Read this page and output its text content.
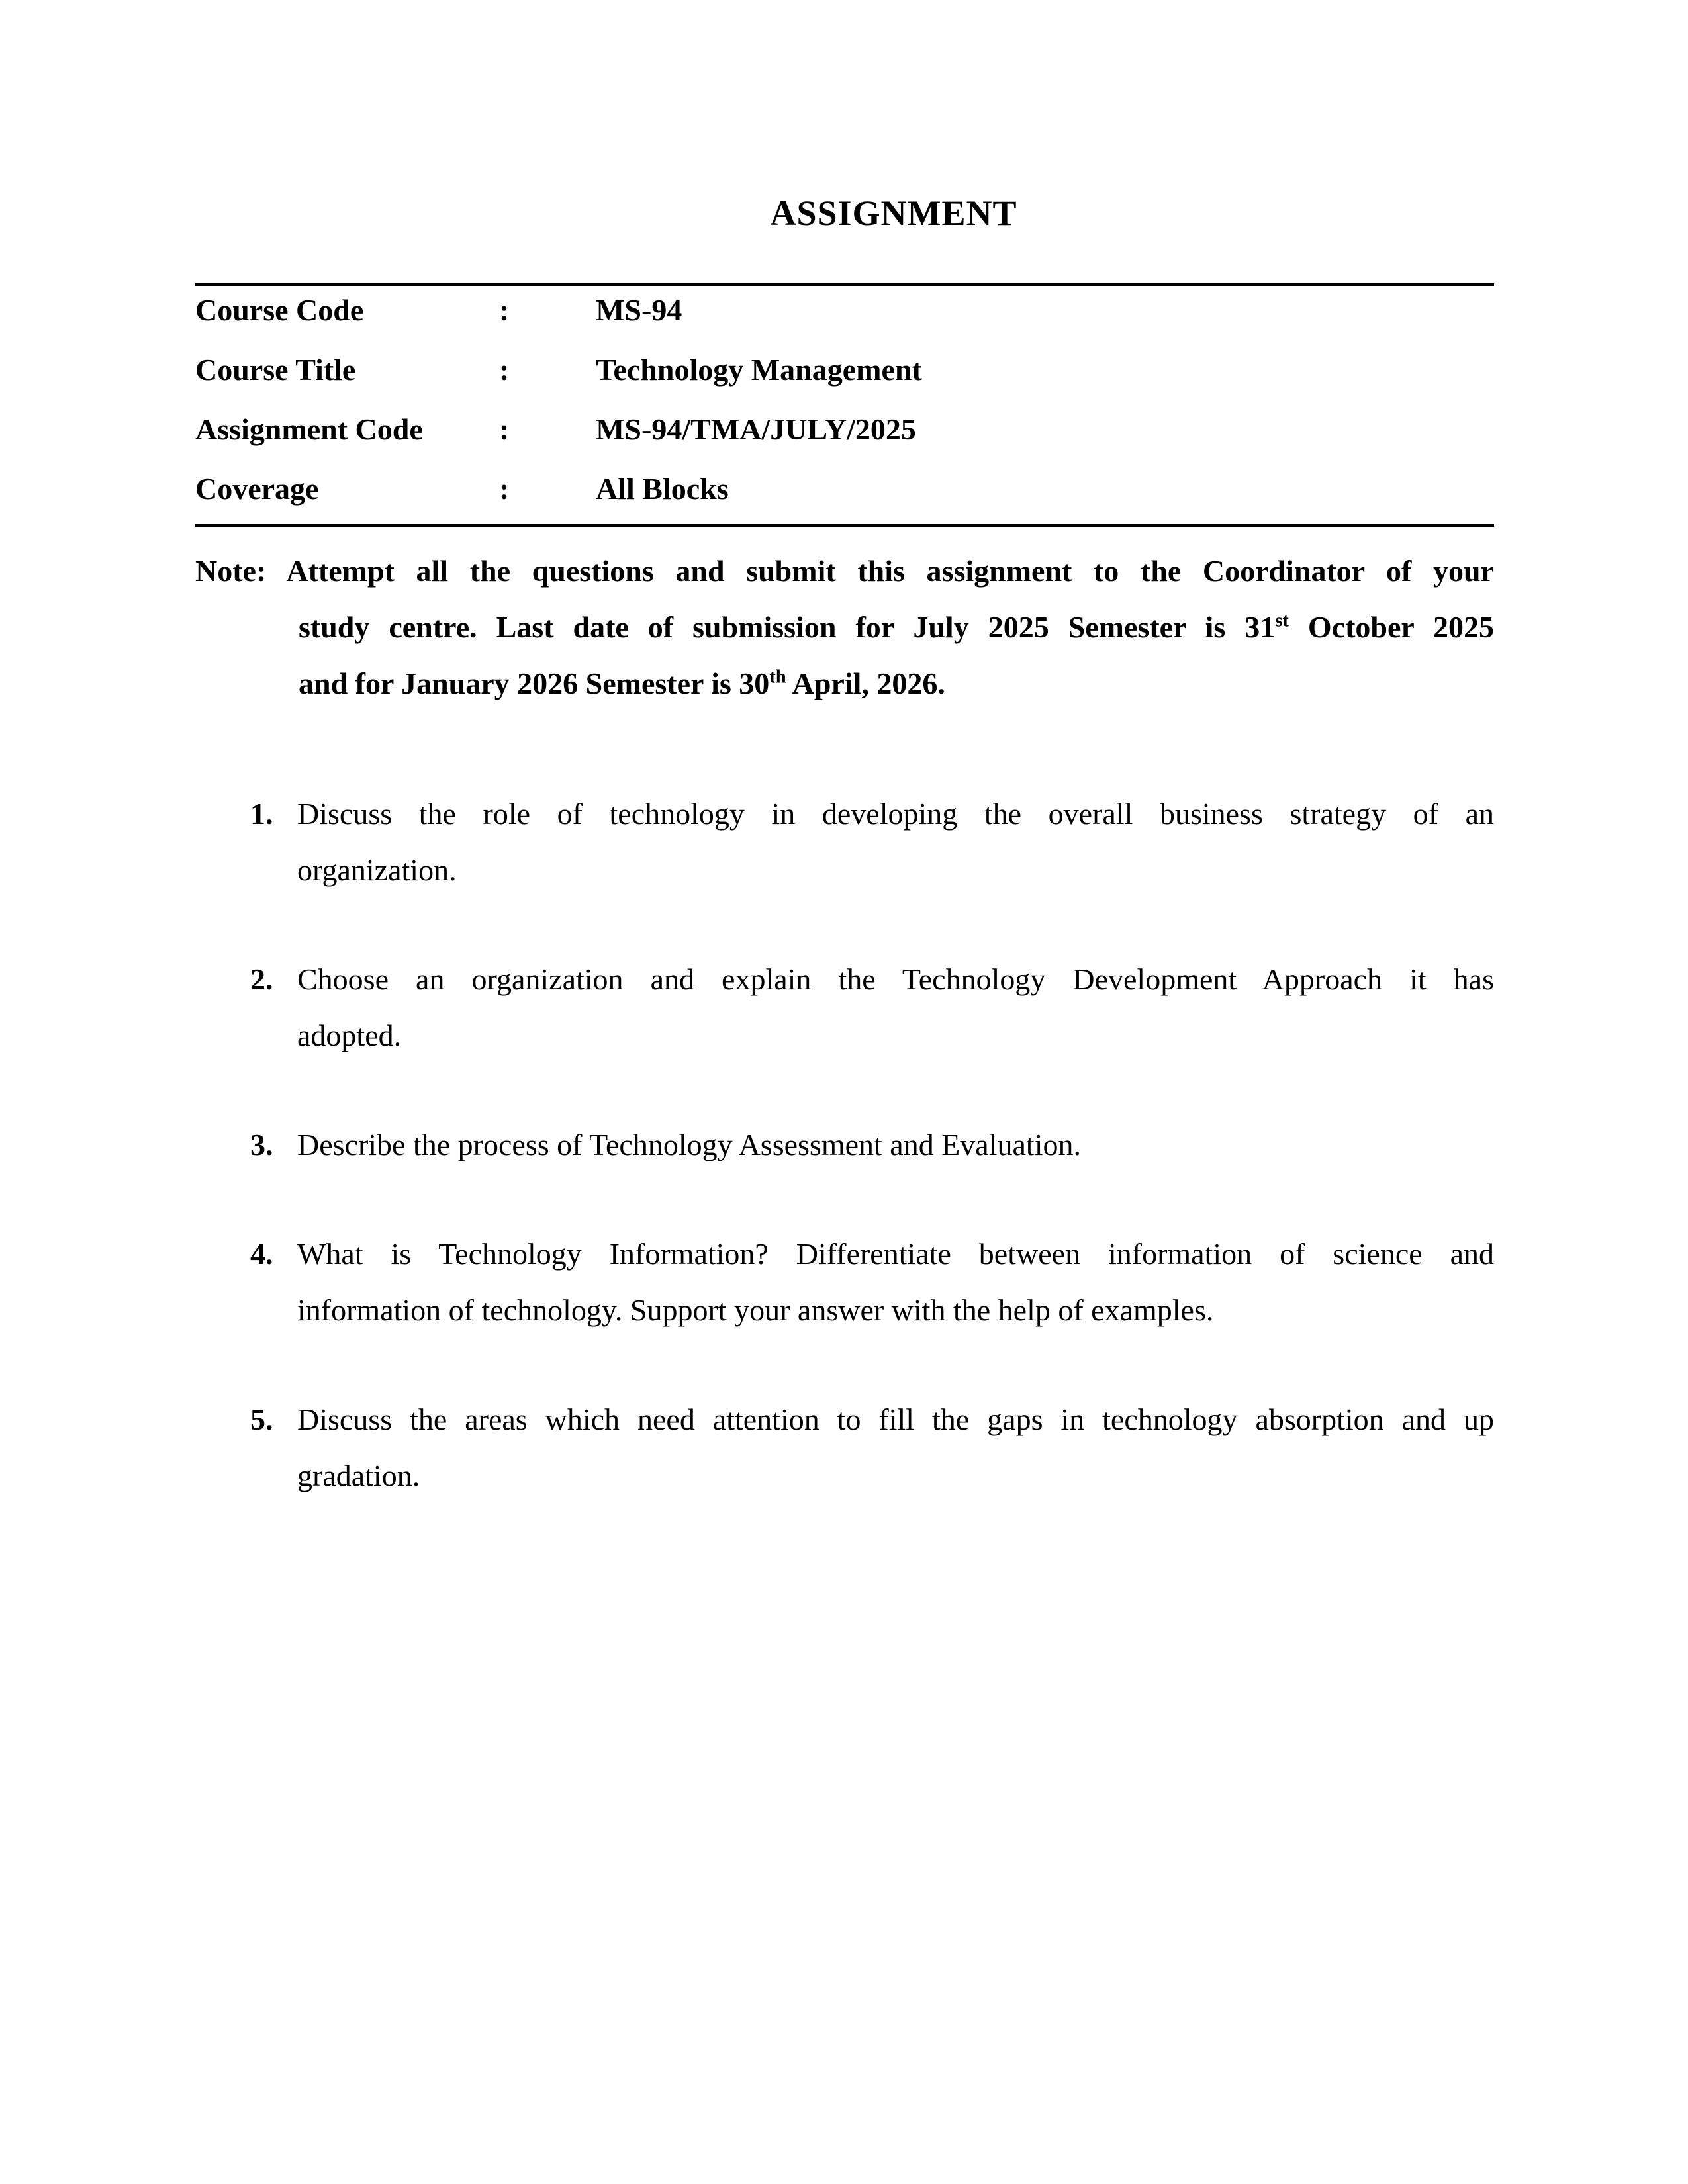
ASSIGNMENT
Course Code	:	MS-94
Course Title	:	Technology Management
Assignment Code	:	MS-94/TMA/JULY/2025
Coverage	:	All Blocks
Note: Attempt all the questions and submit this assignment to the Coordinator of your
study centre. Last date of submission for July 2025 Semester is 31st October 2025
and for January 2026 Semester is 30th April, 2026.
1. Discuss the role of technology in developing the overall business strategy of an
organization.
2. Choose an organization and explain the Technology Development Approach it has
adopted.
3. Describe the process of Technology Assessment and Evaluation.
4. What is Technology Information? Differentiate between information of science and
information of technology. Support your answer with the help of examples.
5. Discuss the areas which need attention to fill the gaps in technology absorption and up
gradation.
